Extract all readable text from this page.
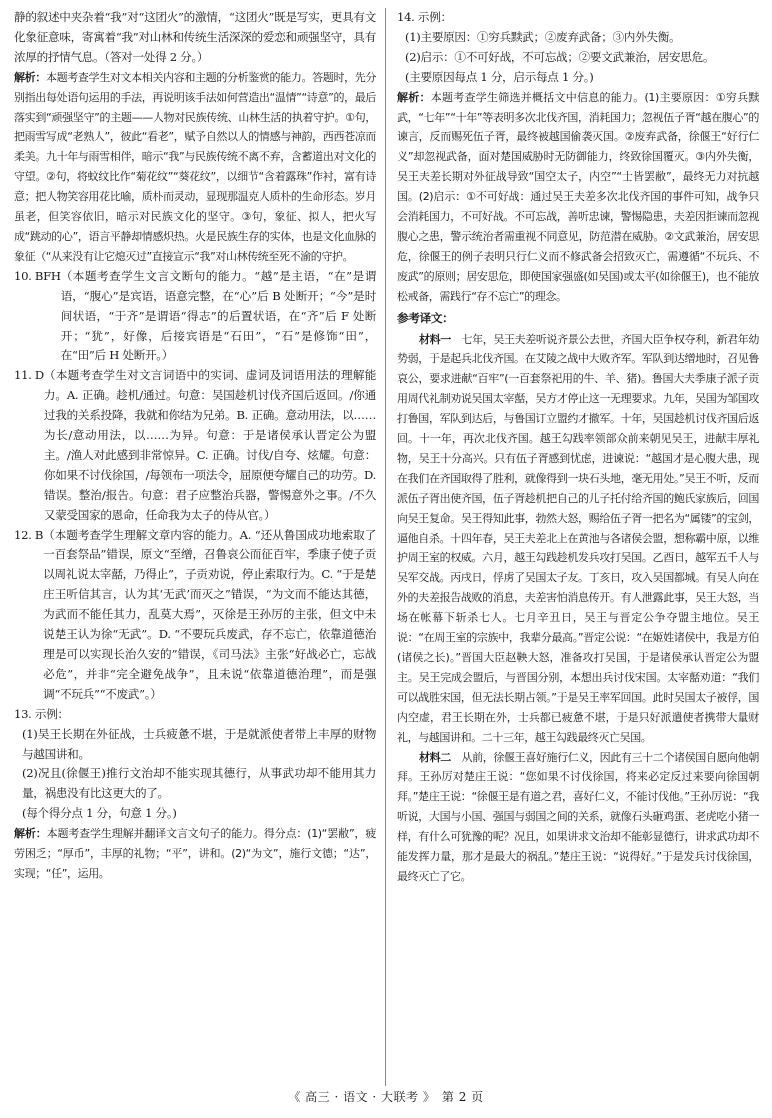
静的叙述中夹杂着“我”对“这团火”的激情，“这团火”既是写实，更具有文化象征意味，寄寓着“我”对山林和传统生活深深的爱恋和顽强坚守，具有浓厚的抒情气息。（答对一处得 2 分。）

解析：本题考查学生对文本相关内容和主题的分析鉴赏的能力。答题时，先分别指出每处语句运用的手法，再说明该手法如何营造出“温情”“诗意”的，最后落实到“顽强坚守”的主题——人物对民族传统、山林生活的执着守护。①句，把雨雪写成“老熟人”，彼此“看老”，赋予自然以人的情感与神韵，西西苍凉而柔美。九十年与雨雪相伴，暗示“我”与民族传统不离不弃，含蓄道出对文化的守望。②句，将蚊纹比作“菊花纹”“葵花纹”，以细节“含着露珠”作衬，富有诗意；把人物笑容用花比喻，质朴而灵动，显现那温克人质朴的生命形态。岁月虽老，但笑容依旧，暗示对民族文化的坚守。③句，象征、拟人，把火写成“跳动的心”，语言平静却情感炽热。火是民族生存的实体，也是文化血脉的象征（“从来没有让它熄灭过”直接宣示“我”对山林传统至死不渝的守护。

10. BFH （本题考查学生文言文断句的能力。“越”是主语，“在”是谓语，“腹心”是宾语，语意完整，在“心”后 B 处断开；“今”是时间状语，“于齐”是谓语“得志”的后置状语，在“齐”后 F 处断开；“犹”，好像，后接宾语是“石田”，“石”是修饰“田”，在“田”后 H 处断开。）
11. D （本题考查学生对文言词语中的实词、虚词及词语用法的理解能力。A. 正确。趁机/通过。句意：吴国趁机讨伐齐国后返回。/你通过我的关系投降，我就和你结为兄弟。B. 正确。意动用法，以……为长/意动用法，以……为异。句意：于是诸侯承认晋定公为盟主。/渔人对此感到非常惊异。C. 正确。讨伐/自夸、炫耀。句意：你如果不讨伐徐国，/每领布一项法令，屈原便夸耀自己的功劳。D. 错误。整治/报告。句意：君子应整治兵器，警惕意外之事。/不久又蒙受国家的恩命，任命我为太子的侍从官。）
12. B （本题考查学生理解文章内容的能力。A. “还从鲁国成功地索取了一百套祭品”错误，原文“至缯，召鲁哀公而征百牢，季康子使子贡以周礼说太宰嚭，乃得止”，子贡劝说，停止索取行为。C. “于是楚庄王听信其言，认为其‘无武’而灭之”错误，“为文而不能达其德，为武而不能任其力，乱莫大焉”，灭徐是王孙厉的主张，但文中未说楚王认为徐“无武”。D. “不要玩兵废武，存不忘亡，依靠道德治理是可以实现长治久安的”错误，《司马法》主张“好战必亡，忘战必危”，并非“完全避免战争”，且未说“依靠道德治理”，而是强调“不玩兵”“不废武”。）

13. 示例：

(1)吴王长期在外征战，士兵疲惫不堪，于是就派使者带上丰厚的财物与越国讲和。

(2)况且(徐偃王)推行文治却不能实现其德行，从事武功却不能用其力量，祸患没有比这更大的了。

(每个得分点 1 分，句意 1 分。)

解析：本题考查学生理解并翻译文言文句子的能力。得分点：(1)“罢敝”，疲劳困乏；“厚币”，丰厚的礼物；“平”，讲和。(2)“为文”，施行文德；“达”，实现；“任”，运用。

14. 示例：

(1)主要原因：①穷兵黩武；②废弃武备；③内外失衡。

(2)启示：①不可好战，不可忘战；②要文武兼治，居安思危。

(主要原因每点 1 分，启示每点 1 分。)

解析：本题考查学生筛选并概括文中信息的能力。(1)主要原因：①穷兵黩武，“七年”“十年”等表明多次北伐齐国，消耗国力；忽视伍子胥“越在腹心”的谏言，反而赐死伍子胥，最终被越国偷袭灭国。②废弃武备，徐偃王“好行仁义”却忽视武备，面对楚国威胁时无防御能力，终致徐国覆灭。③内外失衡，吴王夫差长期对外征战导致“国空太子，内空”“士皆罢敝”，最终无力对抗越国。(2)启示：①不可好战：通过吴王夫差多次北伐齐国的事件可知，战争只会消耗国力，不可好战。不可忘战，善听忠谏，警惕隐患，夫差因拒谏而忽视腹心之患，警示统治者需重视不同意见，防范潜在威胁。②文武兼治，居安思危，徐偃王的例子表明只行仁义而不修武备会招致灭亡，需遵循“不玩兵、不废武”的原则；居安思危，即使国家强盛(如吴国)或太平(如徐偃王)，也不能放松戒备，需践行“存不忘亡”的理念。

参考译文：

材料一　 七年，吴王夫差听说齐景公去世，齐国大臣争权夺利，新君年幼势弱，于是起兵北伐齐国。在艾陵之战中大败齐军。军队到达缯地时，召见鲁哀公，要求进献“百牢”(一百套祭祀用的牛、羊、猪)。鲁国大夫季康子派子贡用周代礼制劝说吴国太宰嚭，吴方才停止这一无理要求。九年，吴国为邹国攻打鲁国，军队到达后，与鲁国订立盟约才撤军。十年，吴国趁机讨伐齐国后返回。十一年，再次北伐齐国。越王勾践率领部众前来朝见吴王，进献丰厚礼物，吴王十分高兴。只有伍子胥感到忧虑，进谏说：“越国才是心腹大患，现在我们在齐国取得了胜利，就像得到一块石头地，毫无用处。”吴王不听，反而派伍子胥出使齐国，伍子胥趁机把自己的儿子托付给齐国的鲍氏家族后，回国向吴王复命。吴王得知此事，勃然大怒，赐给伍子胥一把名为“属镂”的宝剑，逼他自杀。十四年春，吴王夫差北上在黄池与各诸侯会盟，想称霸中原，以维护周王室的权威。六月，越王勾践趁机发兵攻打吴国。乙酉日，越军五千人与吴军交战。丙戌日，俘虏了吴国太子友。丁亥日，攻入吴国都城。有吴人向在外的夫差报告战败的消息，夫差害怕消息传开。有人泄露此事，吴王大怒，当场在帐幕下斩杀七人。七月辛丑日，吴王与晋定公争夺盟主地位。吴王说：“在周王室的宗族中，我辈分最高。”晋定公说：“在姬姓诸侯中，我是方伯(诸侯之长)。”晋国大臣赵鞅大怒，准备攻打吴国，于是诸侯承认晋定公为盟主。吴王完成会盟后，与晋国分别，本想出兵讨伐宋国。太宰嚭劝道：“我们可以战胜宋国，但无法长期占领。”于是吴王率军回国。此时吴国太子被俘，国内空虚，君王长期在外，士兵都已疲惫不堪，于是只好派遣使者携带大量财礼，与越国讲和。二十三年，越王勾践最终灭亡吴国。

材料二　 从前，徐偃王喜好施行仁义，因此有三十二个诸侯国自愿向他朝拜。王孙厉对楚庄王说：“您如果不讨伐徐国，将来必定反过来要向徐国朝拜。”楚庄王说：“徐偃王是有道之君，喜好仁义，不能讨伐他。”王孙厉说：“我听说，大国与小国、强国与弱国之间的关系，就像石头砸鸡蛋、老虎吃小猪一样，有什么可犹豫的呢？况且，如果讲求文治却不能彰显德行，讲求武功却不能发挥力量，那才是最大的祸乱。”楚庄王说：“说得好。”于是发兵讨伐徐国，最终灭亡了它。

《 高三 · 语文 · 大联考 》　第 2 页
